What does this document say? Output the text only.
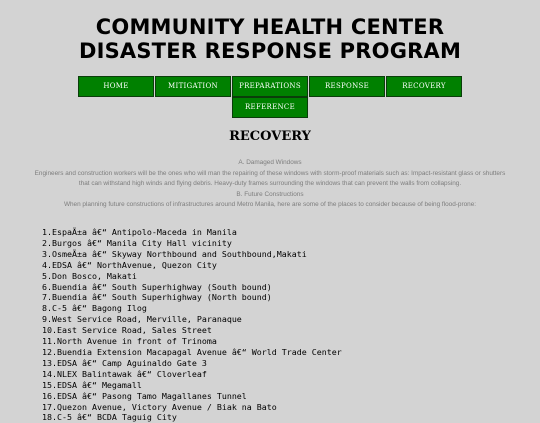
COMMUNITY HEALTH CENTER
DISASTER RESPONSE PROGRAM
HOME	MITIGATION	PREPARATIONS	RESPONSE	RECOVERY
REFERENCE
RECOVERY

A. Damaged Windows

Engineers and construction workers will be the ones who will man the repairing of these windows with storm-proof materials such as: Impact-resistant glass or shutters that can withstand high winds and flying debris. Heavy-duty frames surrounding the windows that can prevent the walls from collapsing.

B. Future Constructions

When planning future constructions of infrastructures around Metro Manila, here are some of the places to consider because of being flood-prone:

1.EspaÃ±a â€“ Antipolo-Maceda in Manila
2.Burgos â€“ Manila City Hall vicinity
3.OsmeÃ±a â€“ Skyway Northbound and Southbound,Makati
4.EDSA â€“ NorthAvenue, Quezon City
5.Don Bosco, Makati
6.Buendia â€“ South Superhighway (South bound)
7.Buendia â€“ South Superhighway (North bound)
8.C-5 â€“ Bagong Ilog
9.West Service Road, Merville, Paranaque
10.East Service Road, Sales Street
11.North Avenue in front of Trinoma
12.Buendia Extension Macapagal Avenue â€“ World Trade Center
13.EDSA â€“ Camp Aguinaldo Gate 3
14.NLEX Balintawak â€“ Cloverleaf
15.EDSA â€“ Megamall
16.EDSA â€“ Pasong Tamo Magallanes Tunnel
17.Quezon Avenue, Victory Avenue / Biak na Bato
18.C-5 â€“ BCDA Taguig City
